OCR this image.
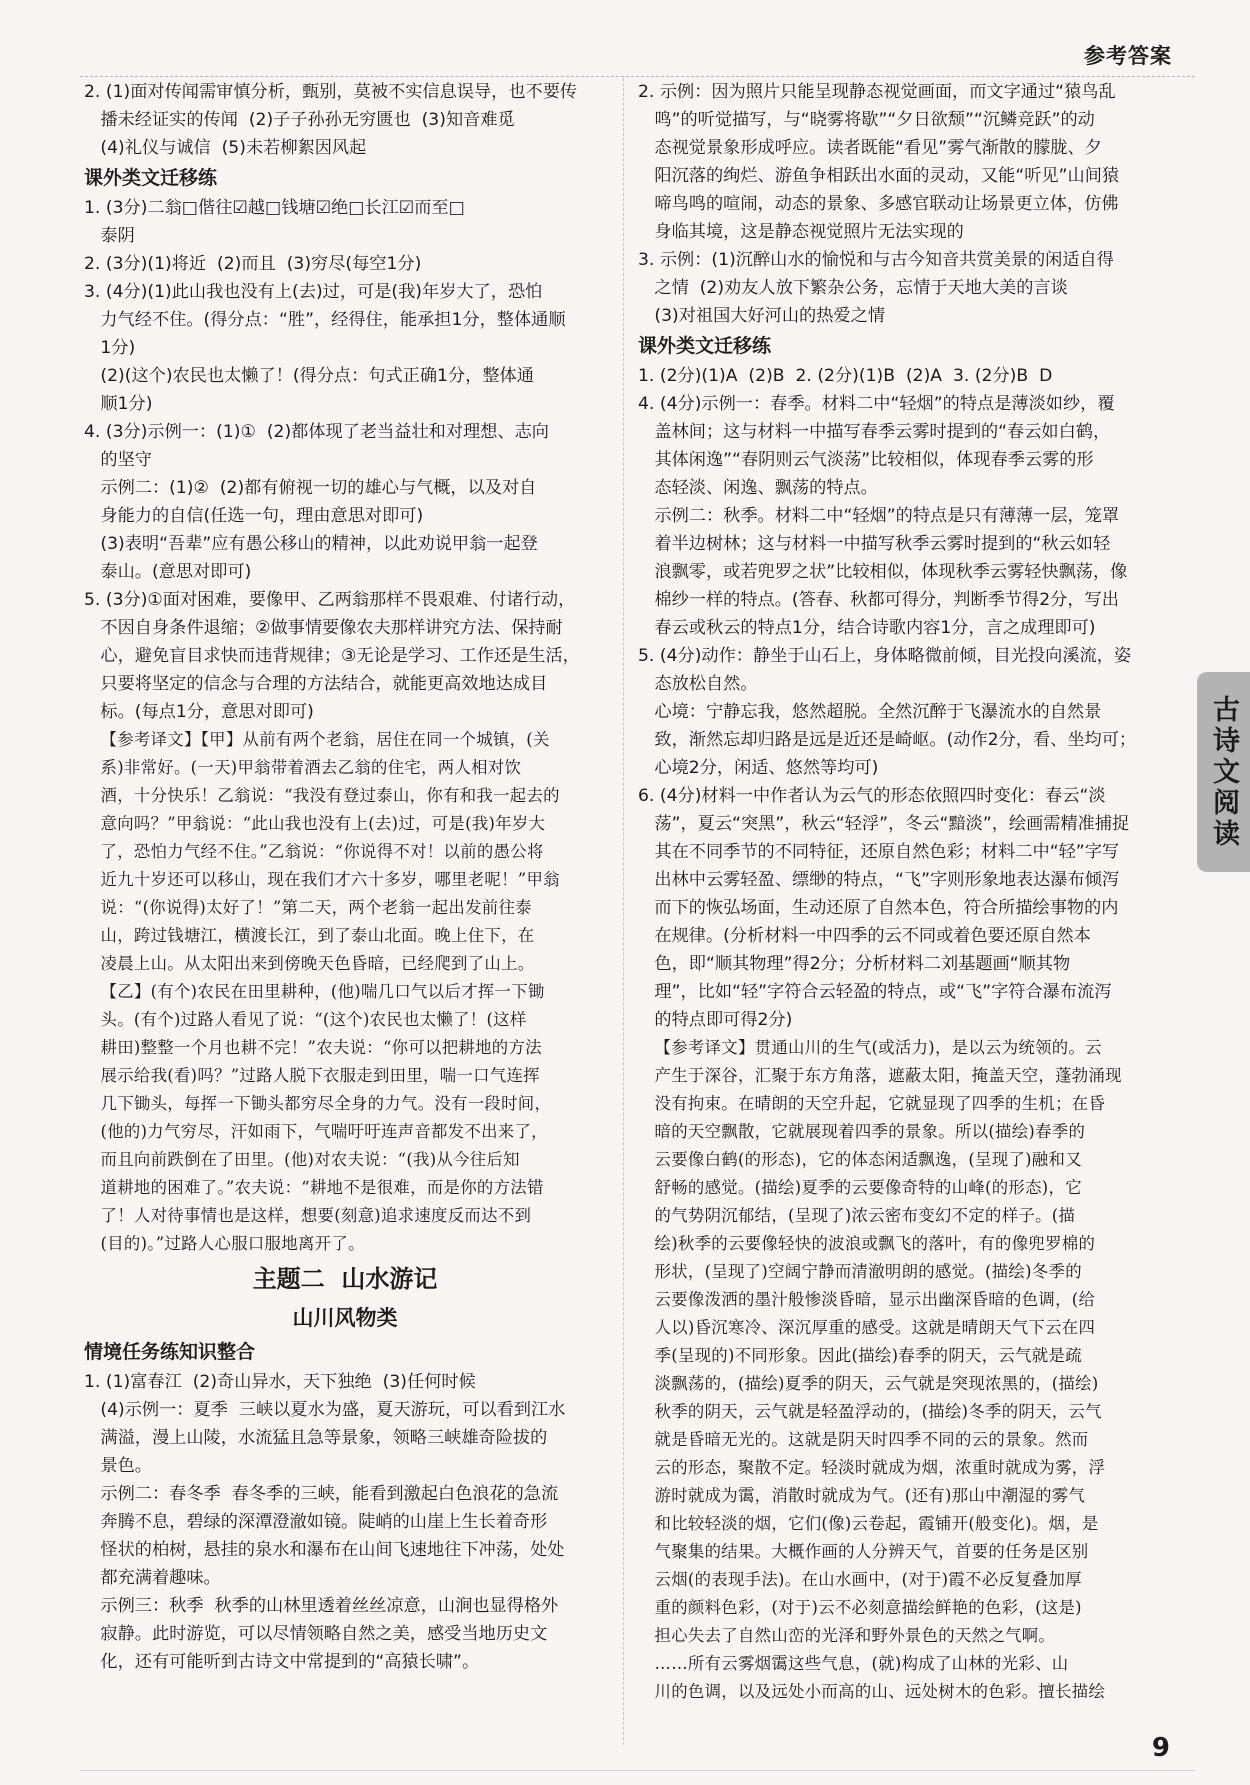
参考答案
2. (1)面对传闻需审慎分析，甄别，莫被不实信息误导，也不要传
播未经证实的传闻  (2)子子孙孙无穷匮也  (3)知音难觅
(4)礼仪与诚信  (5)未若柳絮因风起
课外类文迁移练
1. (3分)二翁□偕往☑越□钱塘☑绝□长江☑而至□
泰阴
2. (3分)(1)将近  (2)而且  (3)穷尽(每空1分)
3. (4分)(1)此山我也没有上(去)过，可是(我)年岁大了，恐怕
力气经不住。(得分点：“胜”，经得住，能承担1分，整体通顺
1分)
(2)(这个)农民也太懒了！(得分点：句式正确1分，整体通
顺1分)
4. (3分)示例一：(1)①  (2)都体现了老当益壮和对理想、志向
的坚守
示例二：(1)②  (2)都有俯视一切的雄心与气概，以及对自
身能力的自信(任选一句，理由意思对即可)
(3)表明“吾辈”应有愚公移山的精神，以此劝说甲翁一起登
泰山。(意思对即可)
5. (3分)①面对困难，要像甲、乙两翁那样不畏艰难、付诸行动，
不因自身条件退缩；②做事情要像农夫那样讲究方法、保持耐
心，避免盲目求快而违背规律；③无论是学习、工作还是生活，
只要将坚定的信念与合理的方法结合，就能更高效地达成目
标。(每点1分，意思对即可)
【参考译文】【甲】从前有两个老翁，居住在同一个城镇，(关
系)非常好。(一天)甲翁带着酒去乙翁的住宅，两人相对饮
酒，十分快乐！乙翁说：“我没有登过泰山，你有和我一起去的
意向吗？”甲翁说：“此山我也没有上(去)过，可是(我)年岁大
了，恐怕力气经不住。”乙翁说：“你说得不对！以前的愚公将
近九十岁还可以移山，现在我们才六十多岁，哪里老呢！”甲翁
说：“(你说得)太好了！”第二天，两个老翁一起出发前往泰
山，跨过钱塘江，横渡长江，到了泰山北面。晚上住下，在
凌晨上山。从太阳出来到傍晚天色昏暗，已经爬到了山上。
【乙】(有个)农民在田里耕种，(他)喘几口气以后才挥一下锄
头。(有个)过路人看见了说：“(这个)农民也太懒了！(这样
耕田)整整一个月也耕不完！”农夫说：“你可以把耕地的方法
展示给我(看)吗？”过路人脱下衣服走到田里，喘一口气连挥
几下锄头，每挥一下锄头都穷尽全身的力气。没有一段时间，
(他的)力气穷尽，汗如雨下，气喘吁吁连声音都发不出来了，
而且向前跌倒在了田里。(他)对农夫说：“(我)从今往后知
道耕地的困难了。”农夫说：“耕地不是很难，而是你的方法错
了！人对待事情也是这样，想要(刻意)追求速度反而达不到
(目的)。”过路人心服口服地离开了。
主题二  山水游记
山川风物类
情境任务练知识整合
1. (1)富春江  (2)奇山异水，天下独绝  (3)任何时候
(4)示例一：夏季  三峡以夏水为盛，夏天游玩，可以看到江水
满溢，漫上山陵，水流猛且急等景象，领略三峡雄奇险拔的
景色。
示例二：春冬季  春冬季的三峡，能看到激起白色浪花的急流
奔腾不息，碧绿的深潭澄澈如镜。陡峭的山崖上生长着奇形
怪状的柏树，悬挂的泉水和瀑布在山间飞速地往下冲荡，处处
都充满着趣味。
示例三：秋季  秋季的山林里透着丝丝凉意，山涧也显得格外
寂静。此时游览，可以尽情领略自然之美，感受当地历史文
化，还有可能听到古诗文中常提到的“高猿长啸”。
2. 示例：因为照片只能呈现静态视觉画面，而文字通过“猿鸟乱
鸣”的听觉描写，与“晓雾将歇”“夕日欲颓”“沉鳞竞跃”的动
态视觉景象形成呼应。读者既能“看见”雾气渐散的朦胧、夕
阳沉落的绚烂、游鱼争相跃出水面的灵动，又能“听见”山间猿
啼鸟鸣的喧闹，动态的景象、多感官联动让场景更立体，仿佛
身临其境，这是静态视觉照片无法实现的
3. 示例：(1)沉醉山水的愉悦和与古今知音共赏美景的闲适自得
之情  (2)劝友人放下繁杂公务，忘情于天地大美的言谈
(3)对祖国大好河山的热爱之情
课外类文迁移练
1. (2分)(1)A  (2)B  2. (2分)(1)B  (2)A  3. (2分)B  D
4. (4分)示例一：春季。材料二中“轻烟”的特点是薄淡如纱，覆
盖林间；这与材料一中描写春季云雾时提到的“春云如白鹤，
其体闲逸”“春阴则云气淡荡”比较相似，体现春季云雾的形
态轻淡、闲逸、飘荡的特点。
示例二：秋季。材料二中“轻烟”的特点是只有薄薄一层，笼罩
着半边树林；这与材料一中描写秋季云雾时提到的“秋云如轻
浪飘零，或若兜罗之状”比较相似，体现秋季云雾轻快飘荡，像
棉纱一样的特点。(答春、秋都可得分，判断季节得2分，写出
春云或秋云的特点1分，结合诗歌内容1分，言之成理即可)
5. (4分)动作：静坐于山石上，身体略微前倾，目光投向溪流，姿
态放松自然。
心境：宁静忘我，悠然超脱。全然沉醉于飞瀑流水的自然景
致，渐然忘却归路是远是近还是崎岖。(动作2分，看、坐均可；
心境2分，闲适、悠然等均可)
6. (4分)材料一中作者认为云气的形态依照四时变化：春云“淡
荡”，夏云“突黑”，秋云“轻浮”，冬云“黯淡”，绘画需精准捕捉
其在不同季节的不同特征，还原自然色彩；材料二中“轻”字写
出林中云雾轻盈、缥缈的特点，“飞”字则形象地表达瀑布倾泻
而下的恢弘场面，生动还原了自然本色，符合所描绘事物的内
在规律。(分析材料一中四季的云不同或着色要还原自然本
色，即“顺其物理”得2分；分析材料二刘基题画“顺其物
理”，比如“轻”字符合云轻盈的特点，或“飞”字符合瀑布流泻
的特点即可得2分)
【参考译文】贯通山川的生气(或活力)，是以云为统领的。云
产生于深谷，汇聚于东方角落，遮蔽太阳，掩盖天空，蓬勃涌现
没有拘束。在晴朗的天空升起，它就显现了四季的生机；在昏
暗的天空飘散，它就展现着四季的景象。所以(描绘)春季的
云要像白鹤(的形态)，它的体态闲适飘逸，(呈现了)融和又
舒畅的感觉。(描绘)夏季的云要像奇特的山峰(的形态)，它
的气势阴沉郁结，(呈现了)浓云密布变幻不定的样子。(描
绘)秋季的云要像轻快的波浪或飘飞的落叶，有的像兜罗棉的
形状，(呈现了)空阔宁静而清澈明朗的感觉。(描绘)冬季的
云要像泼洒的墨汁般惨淡昏暗，显示出幽深昏暗的色调，(给
人以)昏沉寒冷、深沉厚重的感受。这就是晴朗天气下云在四
季(呈现的)不同形象。因此(描绘)春季的阴天，云气就是疏
淡飘荡的，(描绘)夏季的阴天，云气就是突现浓黑的，(描绘)
秋季的阴天，云气就是轻盈浮动的，(描绘)冬季的阴天，云气
就是昏暗无光的。这就是阴天时四季不同的云的景象。然而
云的形态，聚散不定。轻淡时就成为烟，浓重时就成为雾，浮
游时就成为霭，消散时就成为气。(还有)那山中潮湿的雾气
和比较轻淡的烟，它们(像)云卷起，霞铺开(般变化)。烟，是
气聚集的结果。大概作画的人分辨天气，首要的任务是区别
云烟(的表现手法)。在山水画中，(对于)霞不必反复叠加厚
重的颜料色彩，(对于)云不必刻意描绘鲜艳的色彩，(这是)
担心失去了自然山峦的光泽和野外景色的天然之气啊。
……所有云雾烟霭这些气息，(就)构成了山林的光彩、山
川的色调，以及远处小而高的山、远处树木的色彩。擅长描绘
古诗文阅读
9
